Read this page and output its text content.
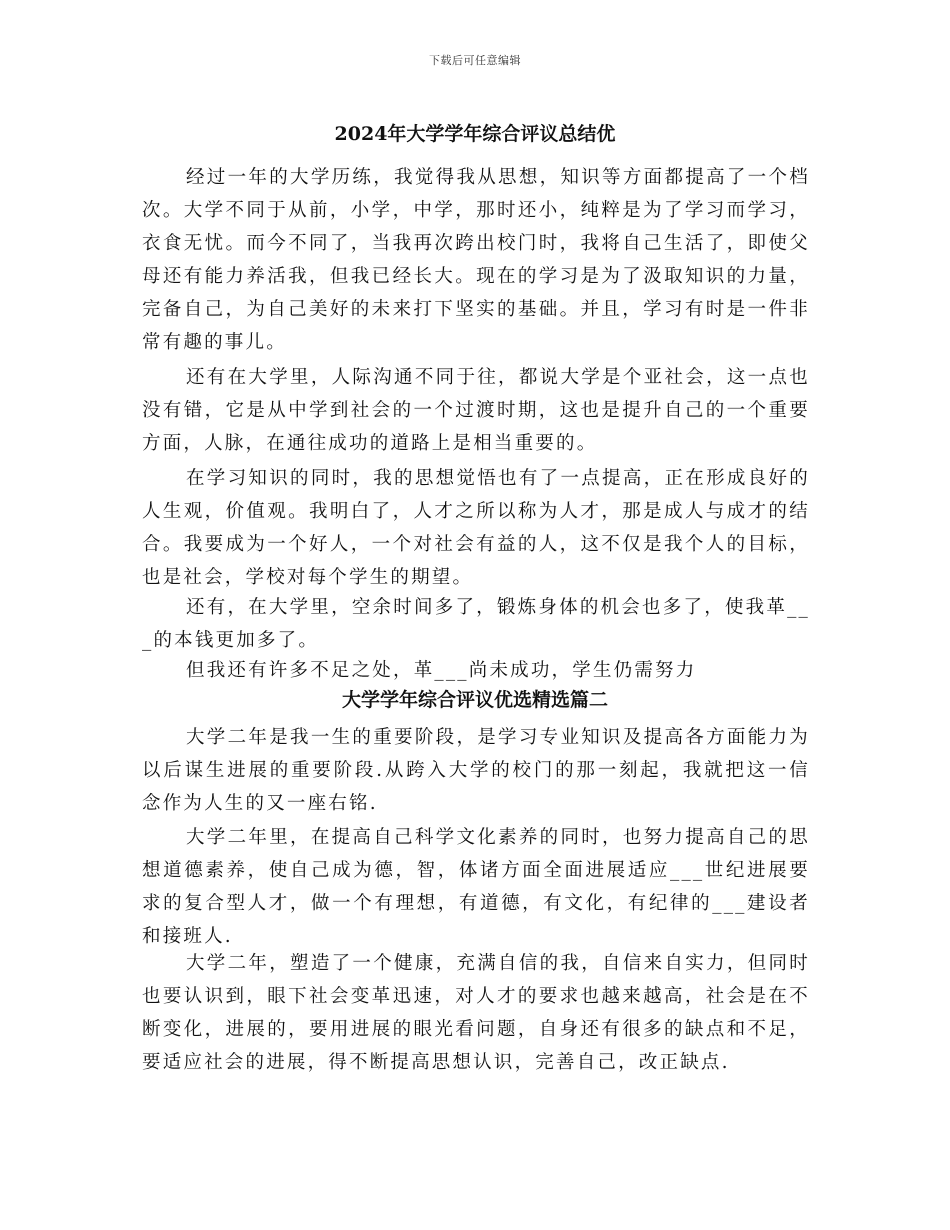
下载后可任意编辑
2024年大学学年综合评议总结优

经过一年的大学历练，我觉得我从思想，知识等方面都提高了一个档次。大学不同于从前，小学，中学，那时还小，纯粹是为了学习而学习，衣食无忧。而今不同了，当我再次跨出校门时，我将自己生活了，即使父母还有能力养活我，但我已经长大。现在的学习是为了汲取知识的力量，完备自己，为自己美好的未来打下坚实的基础。并且，学习有时是一件非常有趣的事儿。

还有在大学里，人际沟通不同于往，都说大学是个亚社会，这一点也没有错，它是从中学到社会的一个过渡时期，这也是提升自己的一个重要方面，人脉，在通往成功的道路上是相当重要的。

在学习知识的同时，我的思想觉悟也有了一点提高，正在形成良好的人生观，价值观。我明白了，人才之所以称为人才，那是成人与成才的结合。我要成为一个好人，一个对社会有益的人，这不仅是我个人的目标，也是社会，学校对每个学生的期望。

还有，在大学里，空余时间多了，锻炼身体的机会也多了，使我革___的本钱更加多了。

但我还有许多不足之处，革___尚未成功，学生仍需努力

大学学年综合评议优选精选篇二

大学二年是我一生的重要阶段，是学习专业知识及提高各方面能力为以后谋生进展的重要阶段.从跨入大学的校门的那一刻起，我就把这一信念作为人生的又一座右铭.

大学二年里，在提高自己科学文化素养的同时，也努力提高自己的思想道德素养，使自己成为德，智，体诸方面全面进展适应___世纪进展要求的复合型人才，做一个有理想，有道德，有文化，有纪律的___建设者和接班人.

大学二年，塑造了一个健康，充满自信的我，自信来自实力，但同时也要认识到，眼下社会变革迅速，对人才的要求也越来越高，社会是在不断变化，进展的，要用进展的眼光看问题，自身还有很多的缺点和不足，要适应社会的进展，得不断提高思想认识，完善自己，改正缺点.
